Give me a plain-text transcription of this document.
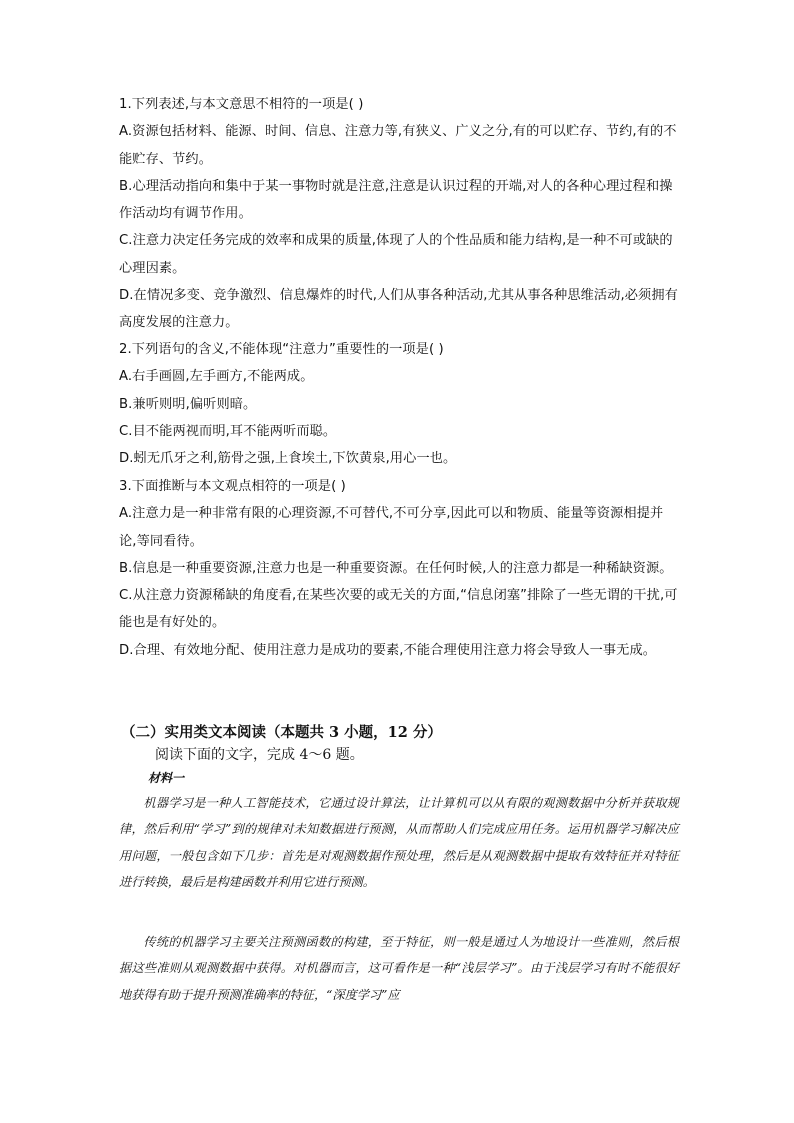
1.下列表述,与本文意思不相符的一项是( )

A.资源包括材料、能源、时间、信息、注意力等,有狭义、广义之分,有的可以贮存、节约,有的不能贮存、节约。

B.心理活动指向和集中于某一事物时就是注意,注意是认识过程的开端,对人的各种心理过程和操作活动均有调节作用。

C.注意力决定任务完成的效率和成果的质量,体现了人的个性品质和能力结构,是一种不可或缺的心理因素。

D.在情况多变、竞争激烈、信息爆炸的时代,人们从事各种活动,尤其从事各种思维活动,必须拥有高度发展的注意力。

2.下列语句的含义,不能体现“注意力”重要性的一项是( )

A.右手画圆,左手画方,不能两成。

B.兼听则明,偏听则暗。

C.目不能两视而明,耳不能两听而聪。

D.蚓无爪牙之利,筋骨之强,上食埃土,下饮黄泉,用心一也。

3.下面推断与本文观点相符的一项是( )

A.注意力是一种非常有限的心理资源,不可替代,不可分享,因此可以和物质、能量等资源相提并论,等同看待。

B.信息是一种重要资源,注意力也是一种重要资源。在任何时候,人的注意力都是一种稀缺资源。

C.从注意力资源稀缺的角度看,在某些次要的或无关的方面,“信息闭塞”排除了一些无谓的干扰,可能也是有好处的。

D.合理、有效地分配、使用注意力是成功的要素,不能合理使用注意力将会导致人一事无成。

（二）实用类文本阅读（本题共 3 小题，12 分）
阅读下面的文字，完成 4～6 题。
材料一

机器学习是一种人工智能技术，它通过设计算法，让计算机可以从有限的观测数据中分析并获取规律，然后利用“学习”到的规律对未知数据进行预测，从而帮助人们完成应用任务。运用机器学习解决应用问题，一般包含如下几步：首先是对观测数据作预处理，然后是从观测数据中提取有效特征并对特征进行转换，最后是构建函数并利用它进行预测。

传统的机器学习主要关注预测函数的构建，至于特征，则一般是通过人为地设计一些准则，然后根据这些准则从观测数据中获得。对机器而言，这可看作是一种“浅层学习”。由于浅层学习有时不能很好地获得有助于提升预测准确率的特征，“深度学习”应
